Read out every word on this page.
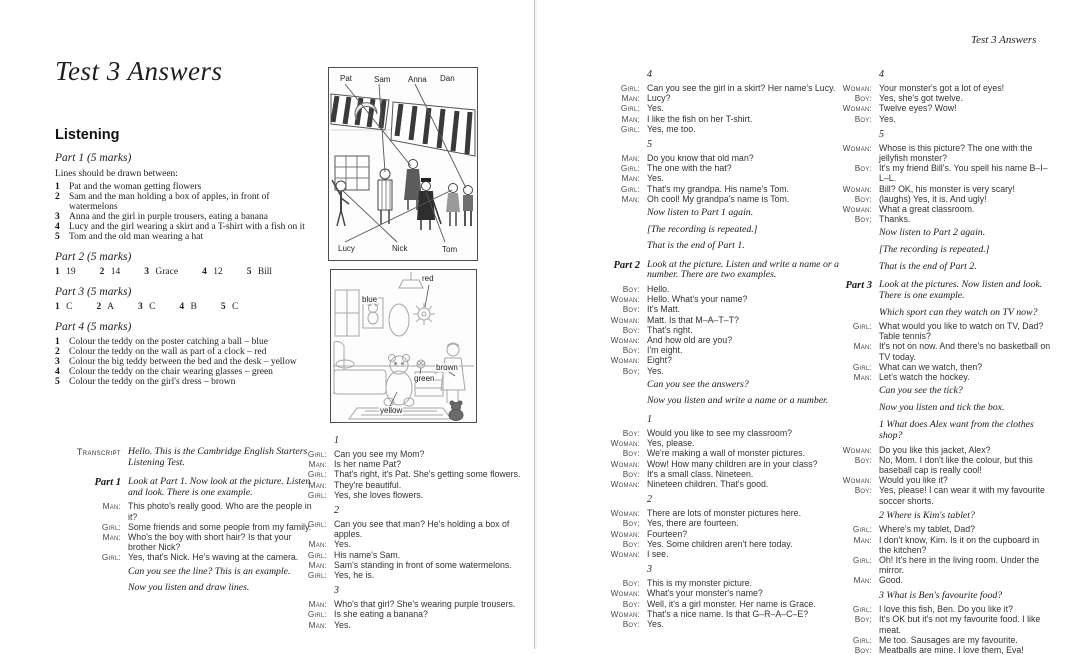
Test 3 Answers
Test 3 Answers
Listening
Part 1 (5 marks)
Lines should be drawn between:
1 Pat and the woman getting flowers
2 Sam and the man holding a box of apples, in front of watermelons
3 Anna and the girl in purple trousers, eating a banana
4 Lucy and the girl wearing a skirt and a T-shirt with a fish on it
5 Tom and the old man wearing a hat
Part 2 (5 marks)
1 19	2 14	3 Grace	4 12	5 Bill
Part 3 (5 marks)
1 C	2 A	3 C	4 B	5 C
Part 4 (5 marks)
1 Colour the teddy on the poster catching a ball – blue
2 Colour the teddy on the wall as part of a clock – red
3 Colour the big teddy between the bed and the desk – yellow
4 Colour the teddy on the chair wearing glasses – green
5 Colour the teddy on the girl's dress – brown
Transcript Hello. This is the Cambridge English Starters Listening Test.
Part 1 Look at Part 1. Now look at the picture. Listen and look. There is one example.
Man: This photo's really good. Who are the people in it?
Girl: Some friends and some people from my family.
Man: Who's the boy with short hair? Is that your brother Nick?
Girl: Yes, that's Nick. He's waving at the camera.
Can you see the line? This is an example.
Now you listen and draw lines.
Pat	Sam Anna Dan
Lucy	Nick	Tom
red
blue
brown
green
yellow
1
Girl: Can you see my Mom?
Man: Is her name Pat?
Girl: That's right, it's Pat. She's getting some flowers.
Man: They're beautiful.
Girl: Yes, she loves flowers.
2
Girl: Can you see that man? He's holding a box of apples.
Man: Yes.
Girl: His name's Sam.
Man: Sam's standing in front of some watermelons.
Girl: Yes, he is.
3
Man: Who's that girl? She's wearing purple trousers.
Girl: Is she eating a banana?
Man: Yes.
4
Girl: Can you see the girl in a skirt? Her name's Lucy.
Man: Lucy?
Girl: Yes.
Man: I like the fish on her T-shirt.
Girl: Yes, me too.
5
Man: Do you know that old man?
Girl: The one with the hat?
Man: Yes.
Girl: That's my grandpa. His name's Tom.
Man: Oh cool! My grandpa's name is Tom.
Now listen to Part 1 again.
[The recording is repeated.]
That is the end of Part 1.
Part 2 Look at the picture. Listen and write a name or a number. There are two examples.
Boy: Hello.
Woman: Hello. What's your name?
Boy: It's Matt.
Woman: Matt. Is that M–A–T–T?
Boy: That's right.
Woman: And how old are you?
Boy: I'm eight.
Woman: Eight?
Boy: Yes.
Can you see the answers?
Now you listen and write a name or a number.
1
Boy: Would you like to see my classroom?
Woman: Yes, please.
Boy: We're making a wall of monster pictures.
Woman: Wow! How many children are in your class?
Boy: It's a small class. Nineteen.
Woman: Nineteen children. That's good.
2
Woman: There are lots of monster pictures here.
Boy: Yes, there are fourteen.
Woman: Fourteen?
Boy: Yes. Some children aren't here today.
Woman: I see.
3
Boy: This is my monster picture.
Woman: What's your monster's name?
Boy: Well, it's a girl monster. Her name is Grace.
Woman: That's a nice name. Is that G–R–A–C–E?
Boy: Yes.
4
Woman: Your monster's got a lot of eyes!
Boy: Yes, she's got twelve.
Woman: Twelve eyes? Wow!
Boy: Yes.
5
Woman: Whose is this picture? The one with the jellyfish monster?
Boy: It's my friend Bill's. You spell his name B–I–L–L.
Woman: Bill? OK, his monster is very scary!
Boy: (laughs) Yes, it is. And ugly!
Woman: What a great classroom.
Boy: Thanks.
Now listen to Part 2 again.
[The recording is repeated.]
That is the end of Part 2.
Part 3 Look at the pictures. Now listen and look. There is one example.
Which sport can they watch on TV now?
Girl: What would you like to watch on TV, Dad? Table tennis?
Man: It's not on now. And there's no basketball on TV today.
Girl: What can we watch, then?
Man: Let's watch the hockey.
Can you see the tick?
Now you listen and tick the box.
1 What does Alex want from the clothes shop?
Woman: Do you like this jacket, Alex?
Boy: No, Mom. I don't like the colour, but this baseball cap is really cool!
Woman: Would you like it?
Boy: Yes, please! I can wear it with my favourite soccer shorts.
2 Where is Kim's tablet?
Girl: Where's my tablet, Dad?
Man: I don't know, Kim. Is it on the cupboard in the kitchen?
Girl: Oh! It's here in the living room. Under the mirror.
Man: Good.
3 What is Ben's favourite food?
Girl: I love this fish, Ben. Do you like it?
Boy: It's OK but it's not my favourite food. I like meat.
Girl: Me too. Sausages are my favourite.
Boy: Meatballs are mine. I love them, Eva!
